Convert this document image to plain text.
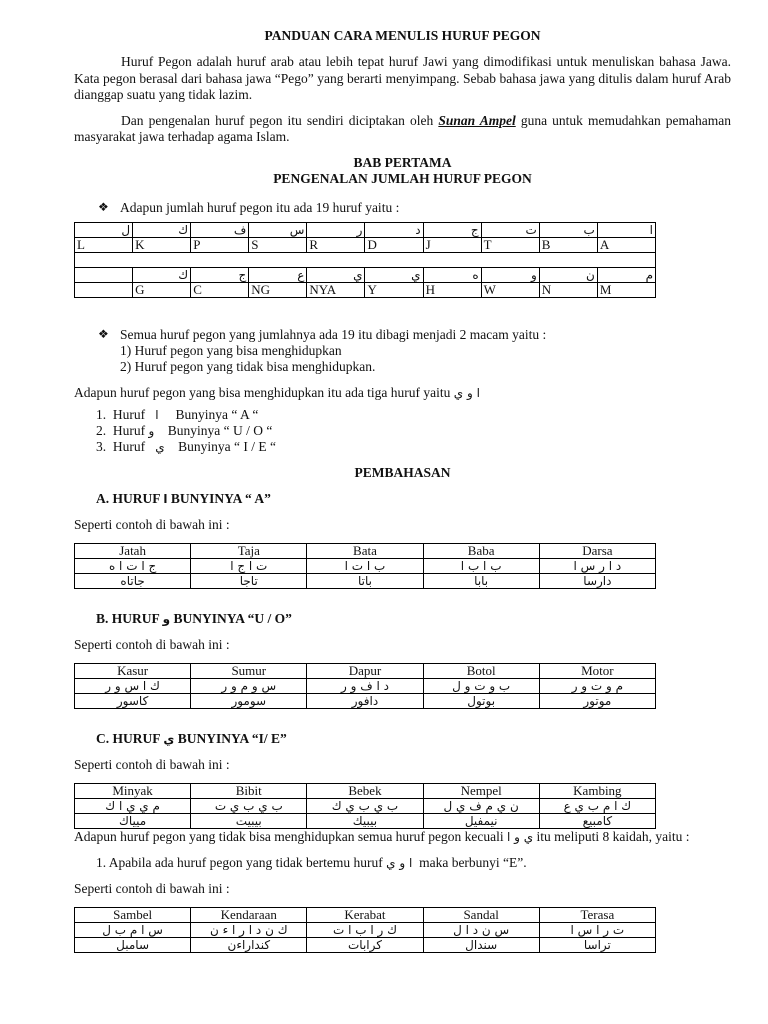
PANDUAN CARA MENULIS HURUF PEGON

Huruf Pegon adalah huruf arab atau lebih tepat huruf Jawi yang dimodifikasi untuk menuliskan bahasa Jawa. Kata pegon berasal dari bahasa jawa “Pego” yang berarti menyimpang. Sebab bahasa jawa yang ditulis dalam huruf Arab dianggap suatu yang tidak lazim.

Dan pengenalan huruf pegon itu sendiri diciptakan oleh Sunan Ampel guna untuk memudahkan pemahaman masyarakat jawa terhadap agama Islam.

BAB PERTAMA
PENGENALAN JUMLAH HURUF PEGON
❖ Adapun jumlah huruf pegon itu ada 19 huruf yaitu :
ل	ك	ف	س	ر	د	ج	ت	ب	ا
L	K	P	S	R	D	J	T	B	A

	ك	ج	ع	ي	ي	ه	و	ن	م
	G	C	NG	NYA	Y	H	W	N	M
❖ Semua huruf pegon yang jumlahnya ada 19 itu dibagi menjadi 2 macam yaitu :
1) Huruf pegon yang bisa menghidupkan
2) Huruf pegon yang tidak bisa menghidupkan.
Adapun huruf pegon yang bisa menghidupkan itu ada tiga huruf yaitu ا و ي
1. Huruf ا Bunyinya “ A “
2. Huruf و Bunyinya “ U / O “
3. Huruf ي Bunyinya “ I / E “
PEMBAHASAN
A. HURUF ا BUNYINYA “ A”
Seperti contoh di bawah ini :
Jatah	Taja	Bata	Baba	Darsa
ج ا ت ا ه	ت ا ج ا	ب ا ت ا	ب ا ب ا	د ا ر س ا
جاتاه	تاجا	باتا	بابا	دارسا
B. HURUF و BUNYINYA “U / O”
Seperti contoh di bawah ini :
Kasur	Sumur	Dapur	Botol	Motor
ك ا س و ر	س و م و ر	د ا ف و ر	ب و ت و ل	م و ت و ر
كاسور	سومور	دافور	بوتول	موتور
C. HURUF ي BUNYINYA “I/ E”
Seperti contoh di bawah ini :
Minyak	Bibit	Bebek	Nempel	Kambing
م ي ي ا ك	ب ي ب ي ت	ب ي ب ي ك	ن ي م ف ي ل	ك ا م ب ي ع
ميياك	بيبيت	بيبيك	نيمفيل	كامبيع

Adapun huruf pegon yang tidak bisa menghidupkan semua huruf pegon kecuali ي و ا itu meliputi 8 kaidah, yaitu :

1. Apabila ada huruf pegon yang tidak bertemu huruf ا و ي maka berbunyi “E”.
Seperti contoh di bawah ini :
Sambel	Kendaraan	Kerabat	Sandal	Terasa
س ا م ب ل	ك ن د ا ر ا ء ن	ك ر ا ب ا ت	س ن د ا ل	ت ر ا س ا
سامبل	كنداراءن	كرابات	سندال	تراسا
